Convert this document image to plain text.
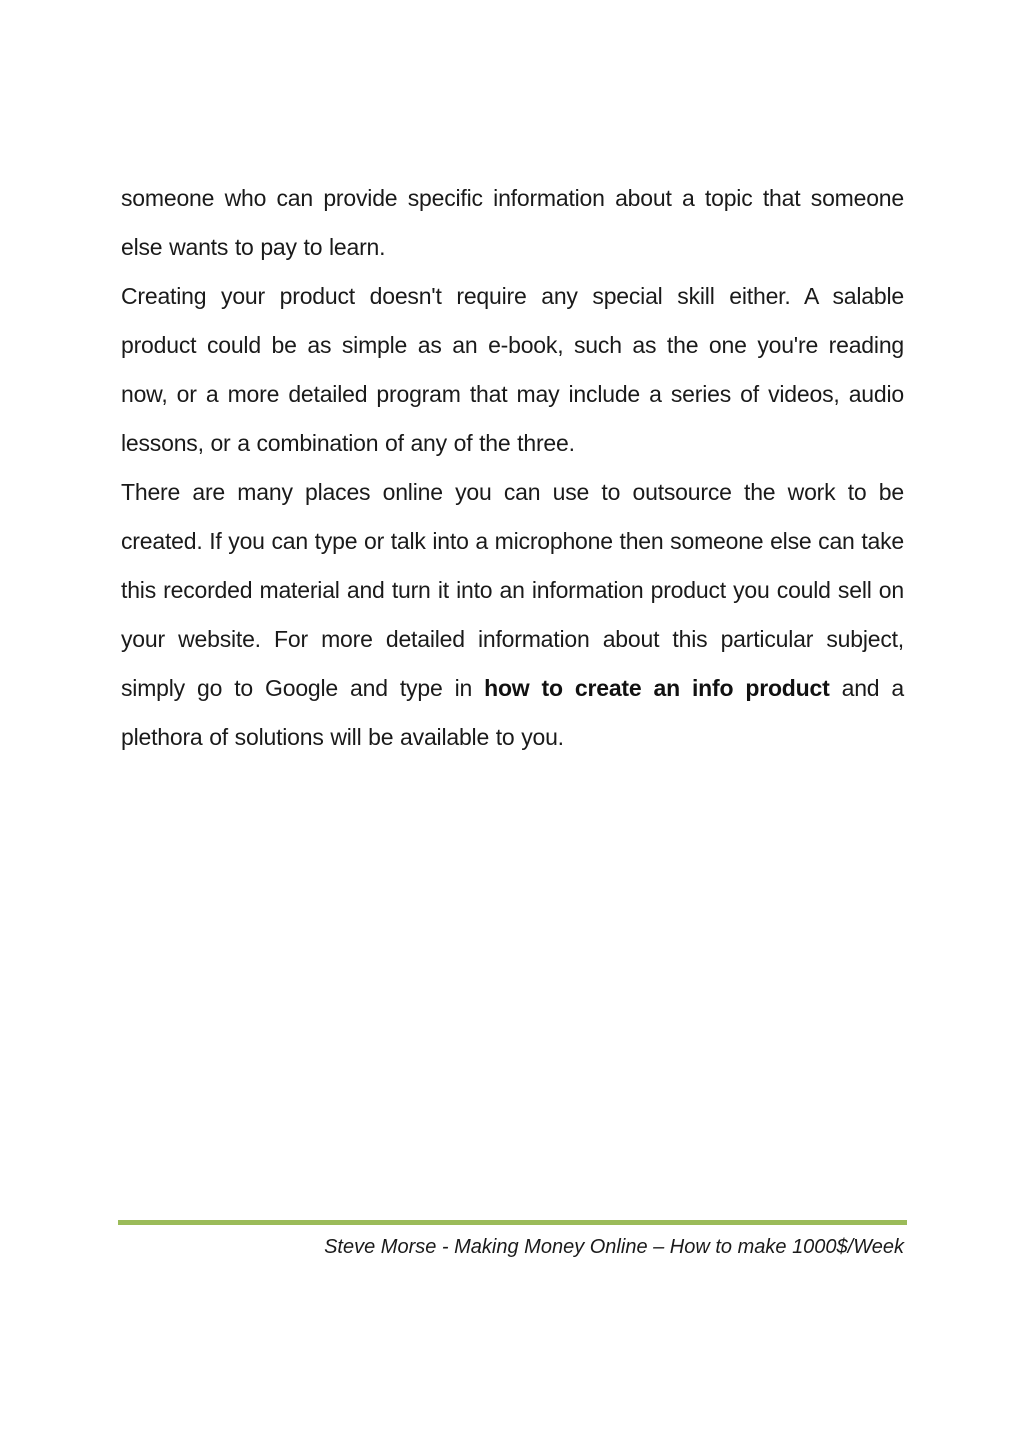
someone who can provide specific information about a topic that someone else wants to pay to learn.

Creating your product doesn't require any special skill either. A salable product could be as simple as an e-book, such as the one you're reading now, or a more detailed program that may include a series of videos, audio lessons, or a combination of any of the three.

There are many places online you can use to outsource the work to be created. If you can type or talk into a microphone then someone else can take this recorded material and turn it into an information product you could sell on your website. For more detailed information about this particular subject, simply go to Google and type in how to create an info product and a plethora of solutions will be available to you.

Steve Morse - Making Money Online – How to make 1000$/Week
